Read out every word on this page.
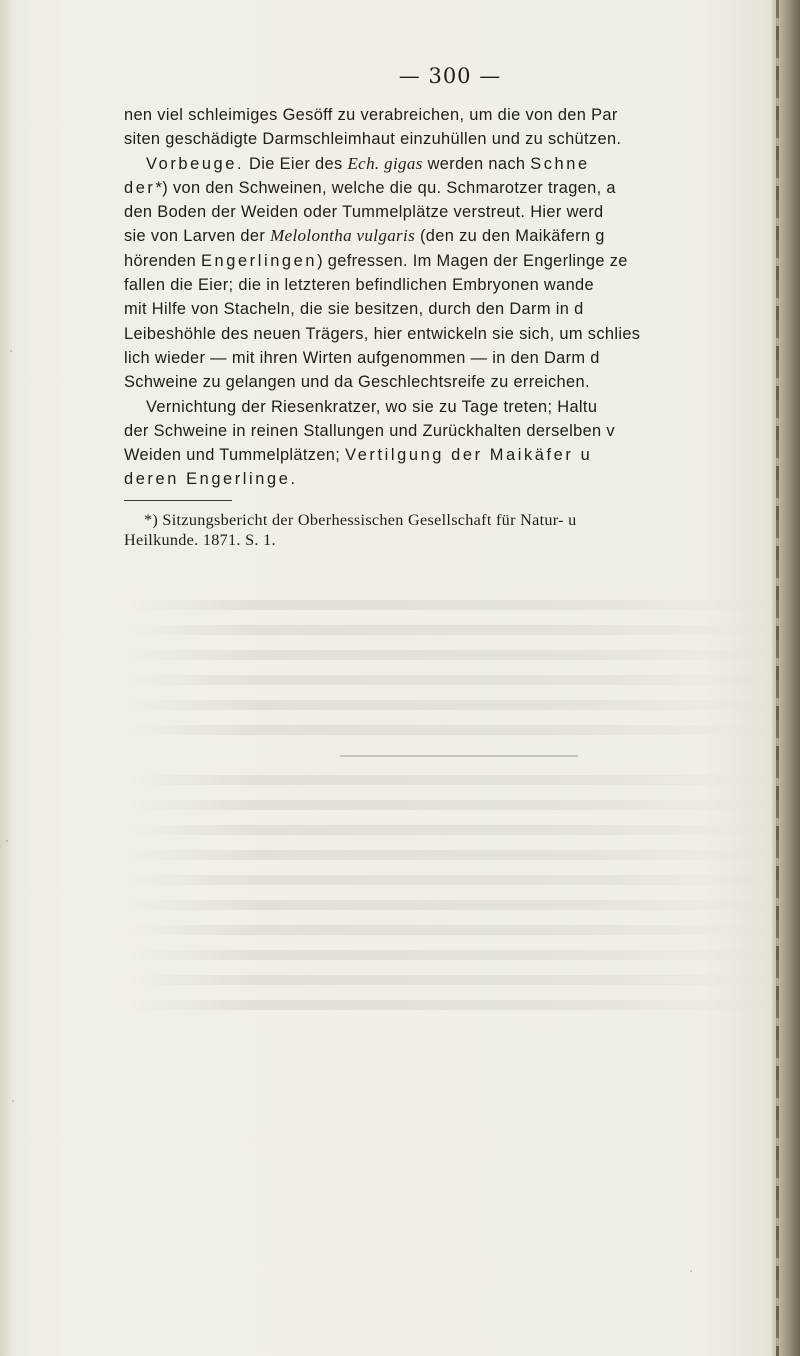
— 300 —
nen viel schleimiges Gesöff zu verabreichen, um die von den Par
siten geschädigte Darmschleimhaut einzuhüllen und zu schützen.
Vorbeuge. Die Eier des Ech. gigas werden nach Schne
der*) von den Schweinen, welche die qu. Schmarotzer tragen, a
den Boden der Weiden oder Tummelplätze verstreut. Hier werd
sie von Larven der Melolontha vulgaris (den zu den Maikäfern g
hörenden Engerlingen) gefressen. Im Magen der Engerlinge ze
fallen die Eier; die in letzteren befindlichen Embryonen wande
mit Hilfe von Stacheln, die sie besitzen, durch den Darm in d
Leibeshöhle des neuen Trägers, hier entwickeln sie sich, um schlies
lich wieder — mit ihren Wirten aufgenommen — in den Darm d
Schweine zu gelangen und da Geschlechtsreife zu erreichen.
Vernichtung der Riesenkratzer, wo sie zu Tage treten; Haltu
der Schweine in reinen Stallungen und Zurückhalten derselben v
Weiden und Tummelplätzen; Vertilgung der Maikäfer u
deren Engerlinge.
*) Sitzungsbericht der Oberhessischen Gesellschaft für Natur- u
Heilkunde. 1871. S. 1.
